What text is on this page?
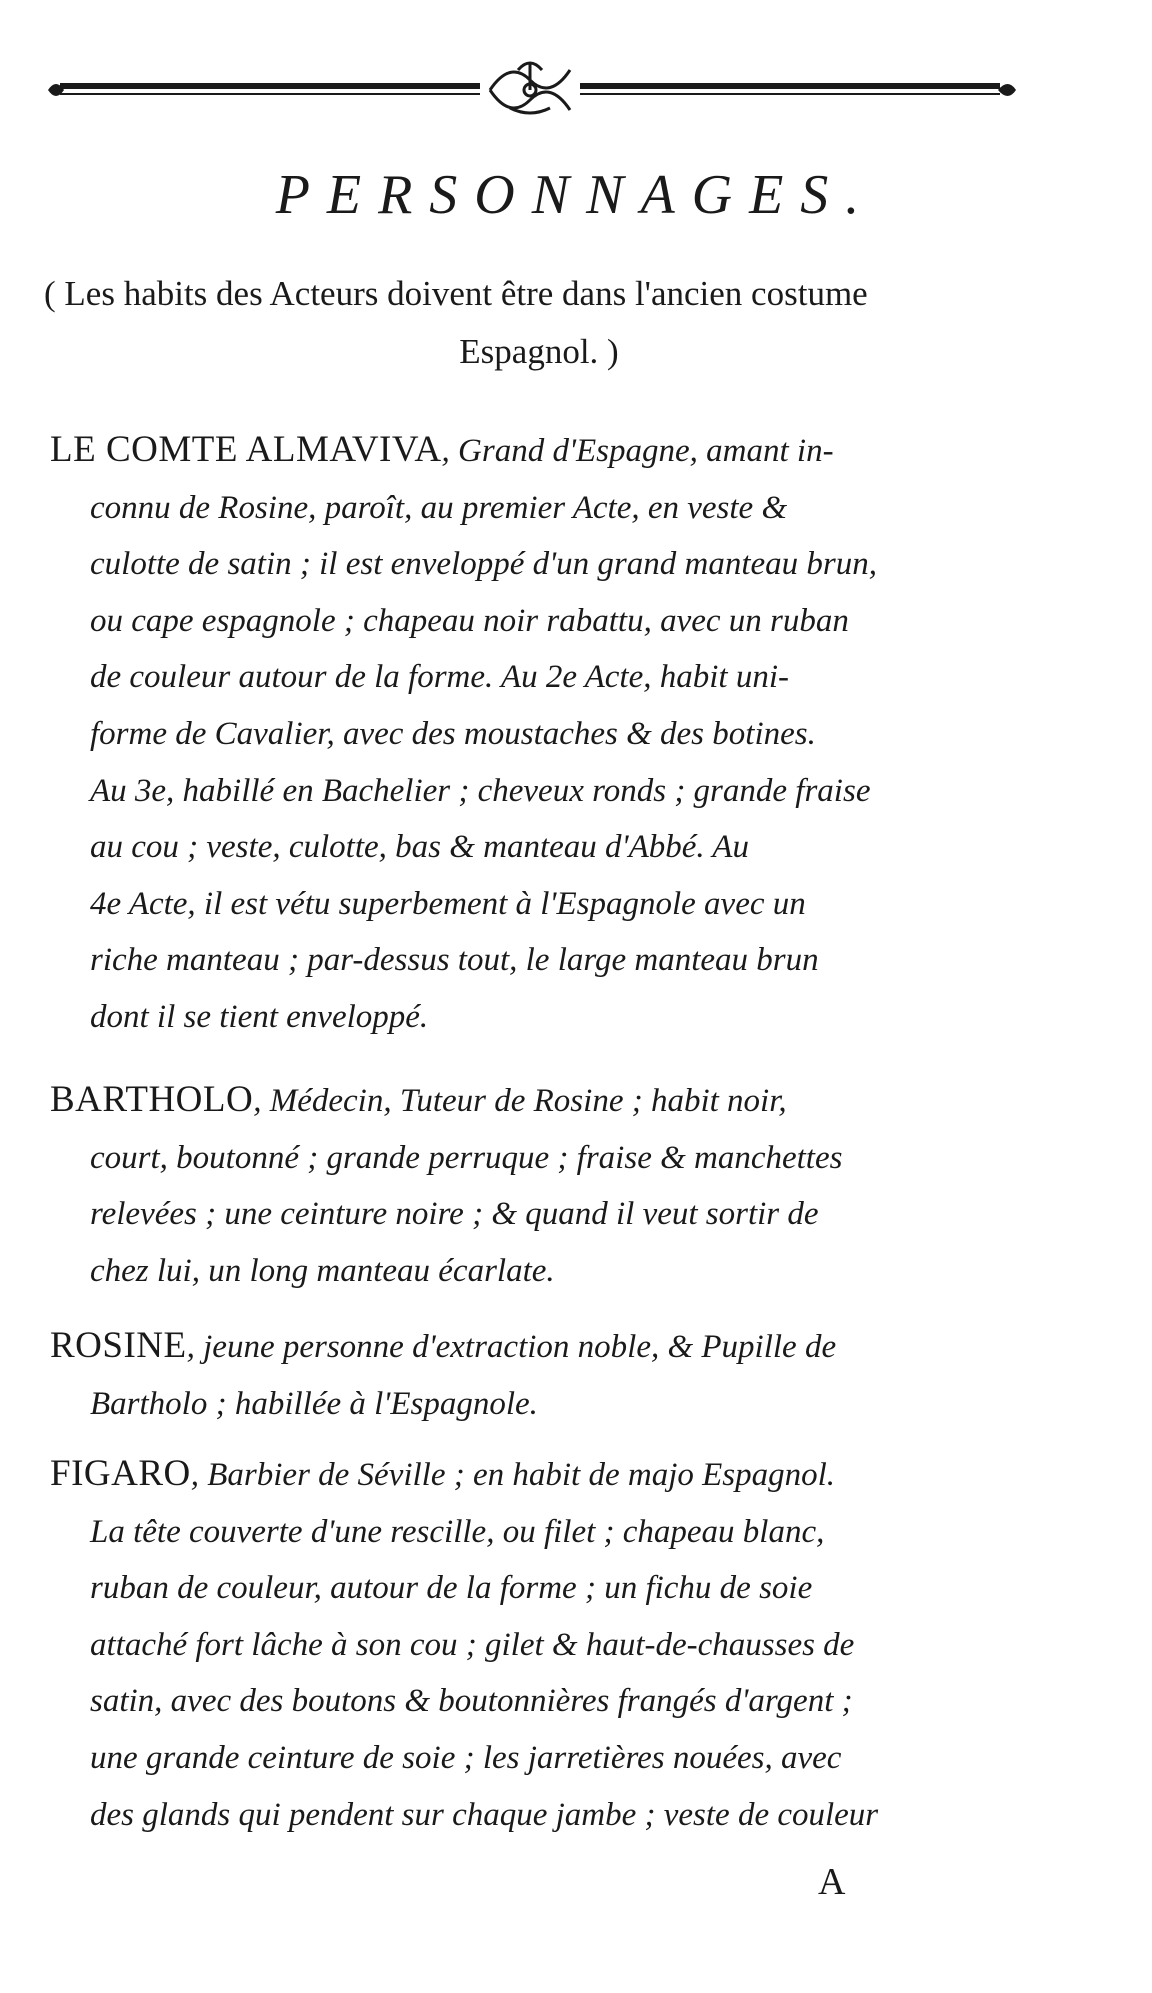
PERSONNAGES.
( Les habits des Acteurs doivent être dans l'ancien costume
Espagnol. )
LE COMTE ALMAVIVA, Grand d'Espagne, amant in-
connu de Rosine, paroît, au premier Acte, en veste &
culotte de satin ; il est enveloppé d'un grand manteau brun,
ou cape espagnole ; chapeau noir rabattu, avec un ruban
de couleur autour de la forme. Au 2e Acte, habit uni-
forme de Cavalier, avec des moustaches & des botines.
Au 3e, habillé en Bachelier ; cheveux ronds ; grande fraise
au cou ; veste, culotte, bas & manteau d'Abbé. Au
4e Acte, il est vétu superbement à l'Espagnole avec un
riche manteau ; par-dessus tout, le large manteau brun
dont il se tient enveloppé.
BARTHOLO, Médecin, Tuteur de Rosine ; habit noir,
court, boutonné ; grande perruque ; fraise & manchettes
relevées ; une ceinture noire ; & quand il veut sortir de
chez lui, un long manteau écarlate.
ROSINE, jeune personne d'extraction noble, & Pupille de
Bartholo ; habillée à l'Espagnole.
FIGARO, Barbier de Séville ; en habit de majo Espagnol.
La tête couverte d'une rescille, ou filet ; chapeau blanc,
ruban de couleur, autour de la forme ; un fichu de soie
attaché fort lâche à son cou ; gilet & haut-de-chausses de
satin, avec des boutons & boutonnières frangés d'argent ;
une grande ceinture de soie ; les jarretières nouées, avec
des glands qui pendent sur chaque jambe ; veste de couleur
A
